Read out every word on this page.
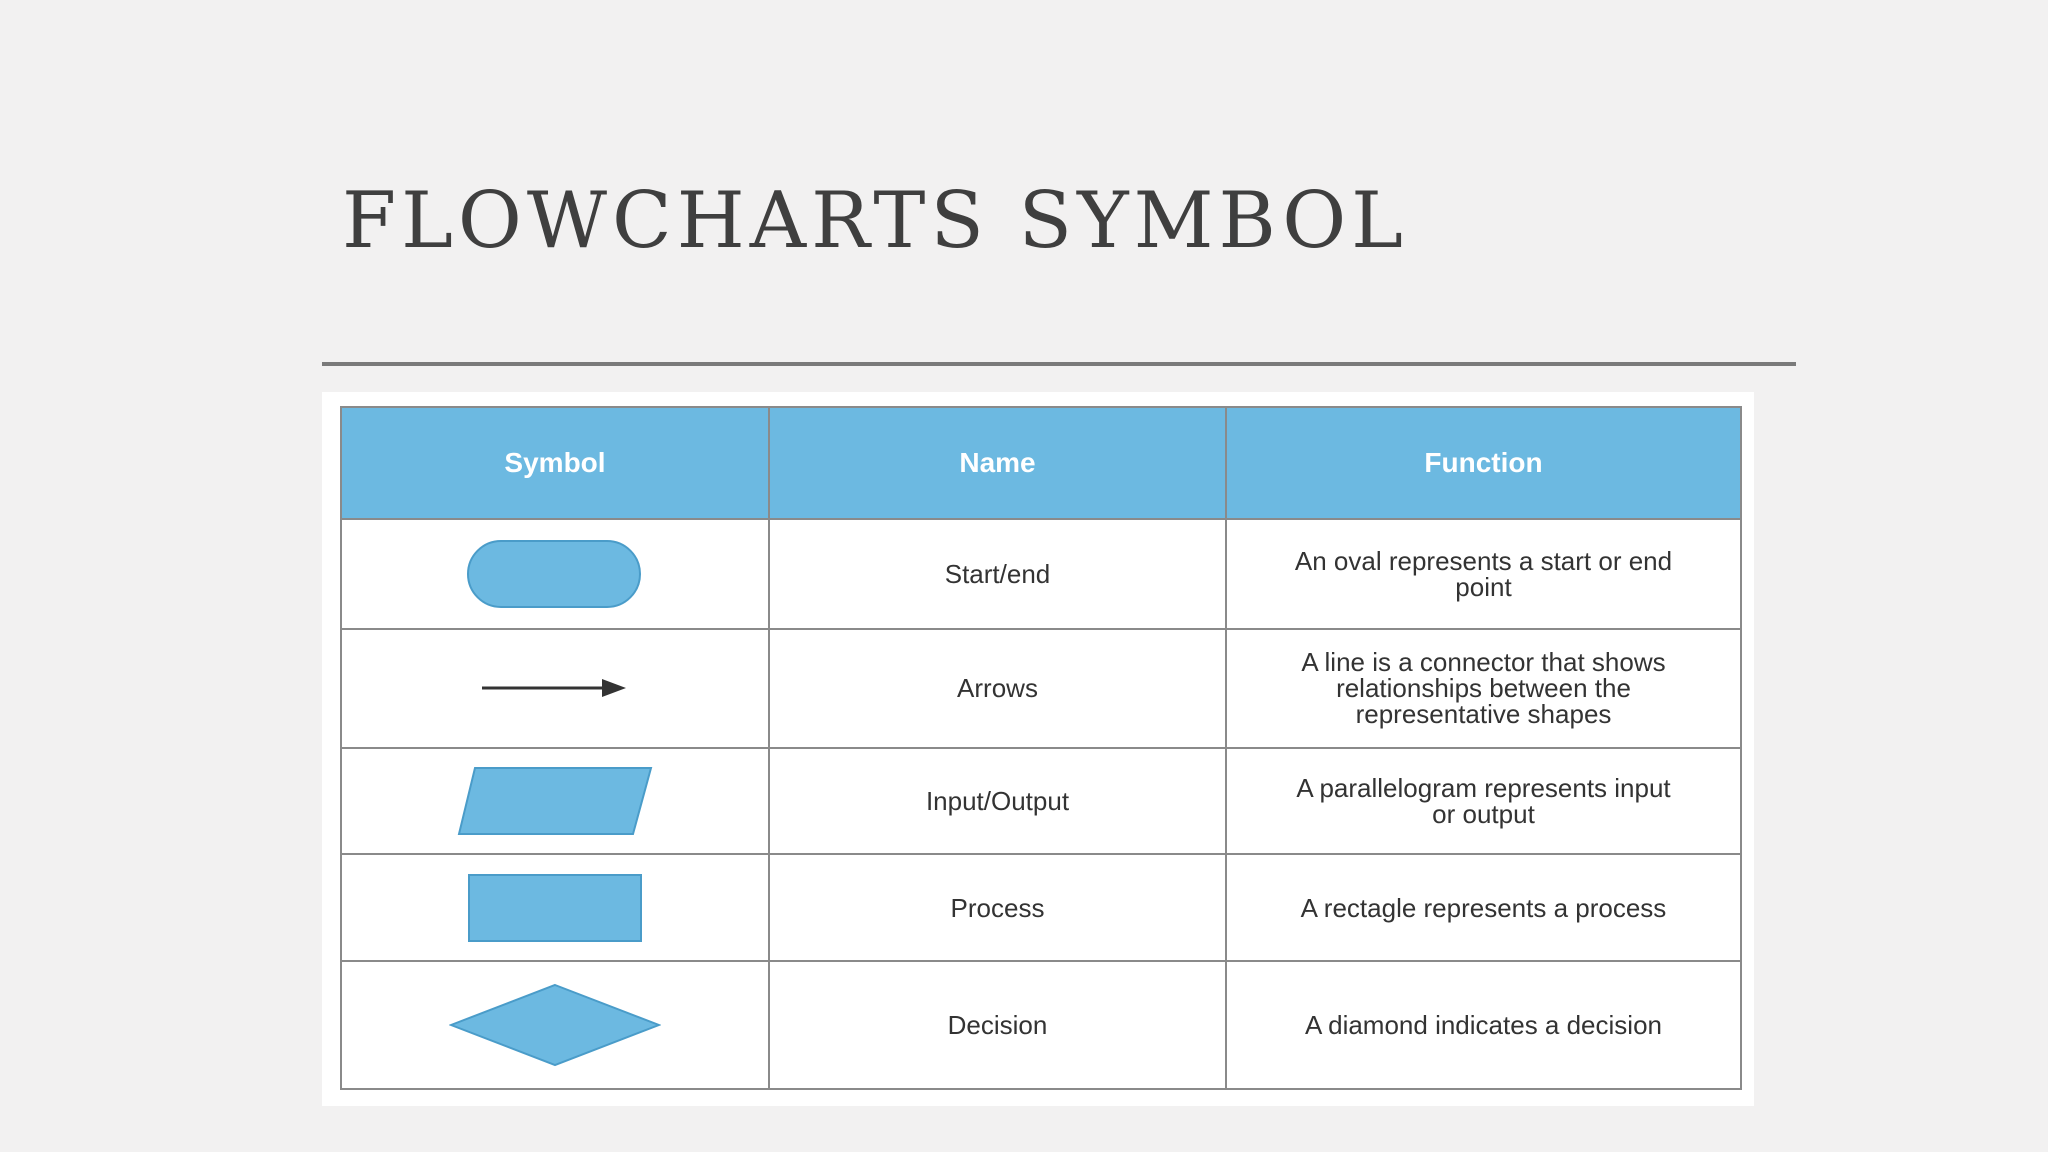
FLOWCHARTS SYMBOL
Symbol	Name	Function

	Start/end	An oval represents a start or end point

	Arrows	A line is a connector that shows relationships between the representative shapes

	Input/Output	A parallelogram represents input or output

	Process	A rectagle represents a process

	Decision	A diamond indicates a decision
